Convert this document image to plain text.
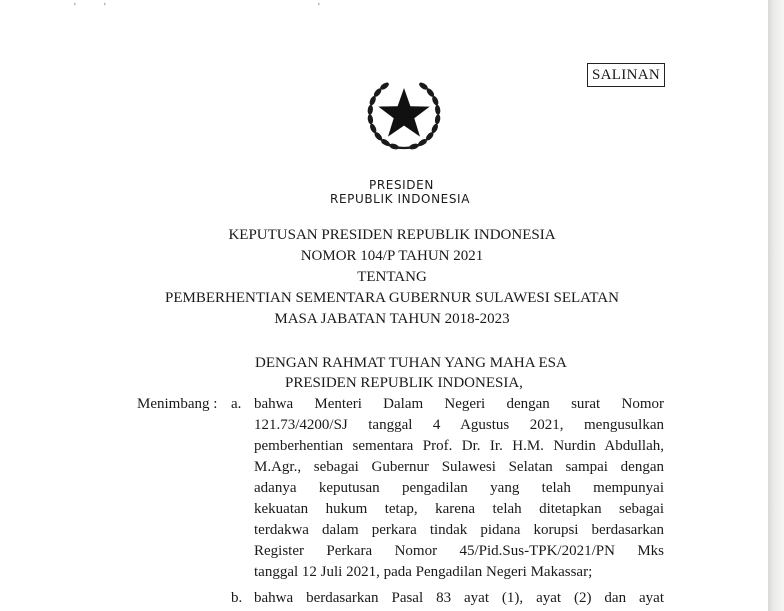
'	'	'
SALINAN
PRESIDEN
REPUBLIK INDONESIA
KEPUTUSAN PRESIDEN REPUBLIK INDONESIA
NOMOR 104/P TAHUN 2021
TENTANG
PEMBERHENTIAN SEMENTARA GUBERNUR SULAWESI SELATAN
MASA JABATAN TAHUN 2018-2023
DENGAN RAHMAT TUHAN YANG MAHA ESA
PRESIDEN REPUBLIK INDONESIA,
Menimbang : a. bahwa Menteri Dalam Negeri dengan surat Nomor
121.73/4200/SJ tanggal 4 Agustus 2021, mengusulkan
pemberhentian sementara Prof. Dr. Ir. H.M. Nurdin Abdullah,
M.Agr., sebagai Gubernur Sulawesi Selatan sampai dengan
adanya keputusan pengadilan yang telah mempunyai
kekuatan hukum tetap, karena telah ditetapkan sebagai
terdakwa dalam perkara tindak pidana korupsi berdasarkan
Register Perkara Nomor 45/Pid.Sus-TPK/2021/PN Mks
tanggal 12 Juli 2021, pada Pengadilan Negeri Makassar;
b. bahwa berdasarkan Pasal 83 ayat (1), ayat (2) dan ayat
